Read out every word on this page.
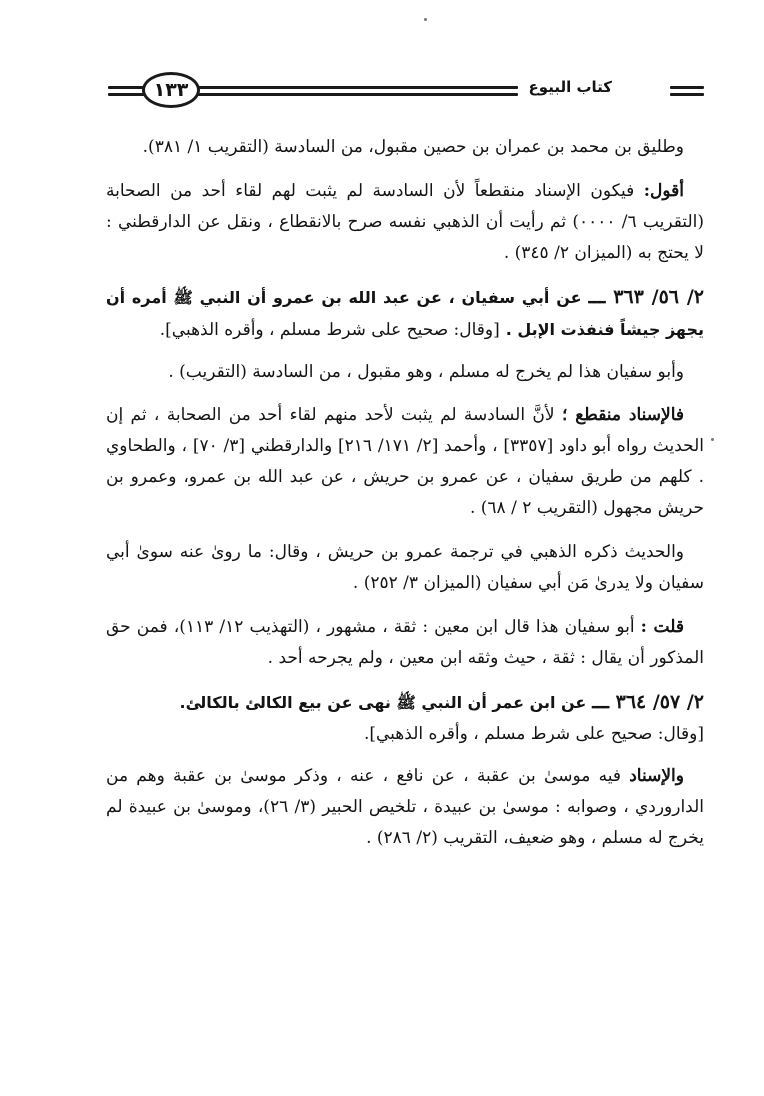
كتاب البيوع
١٣٣

وطليق بن محمد بن عمران بن حصين مقبول، من السادسة (التقريب ١/ ٣٨١).

أقول: فيكون الإسناد منقطعاً لأن السادسة لم يثبت لهم لقاء أحد من الصحابة (التقريب ٦/ ٠٠٠٠) ثم رأيت أن الذهبي نفسه صرح بالانقطاع ، ونقل عن الدارقطني : لا يحتج به (الميزان ٢/ ٣٤٥) .

٢/ ٥٦/ ٣٦٣ ـــ عن أبي سفيان ، عن عبد الله بن عمرو أن النبي ﷺ أمره أن يجهز جيشاً فنفذت الإبل . [وقال: صحيح على شرط مسلم ، وأقره الذهبي].

وأبو سفيان هذا لم يخرج له مسلم ، وهو مقبول ، من السادسة (التقريب) .

فالإسناد منقطع ؛ لأنَّ السادسة لم يثبت لأحد منهم لقاء أحد من الصحابة ، ثم إن الحديث رواه أبو داود [٣٣٥٧] ، وأحمد [٢/ ١٧١/ ٢١٦] والدارقطني [٣/ ٧٠] ، والطحاوي . كلهم من طريق سفيان ، عن عمرو بن حريش ، عن عبد الله بن عمرو، وعمرو بن حريش مجهول (التقريب ٢ / ٦٨) .

والحديث ذكره الذهبي في ترجمة عمرو بن حريش ، وقال: ما روىٰ عنه سوىٰ أبي سفيان ولا يدرىٰ مَن أبي سفيان (الميزان ٣/ ٢٥٢) .

قلت : أبو سفيان هذا قال ابن معين : ثقة ، مشهور ، (التهذيب ١٢/ ١١٣)، فمن حق المذكور أن يقال : ثقة ، حيث وثقه ابن معين ، ولم يجرحه أحد .

٢/ ٥٧/ ٣٦٤ ـــ عن ابن عمر أن النبي ﷺ نهى عن بيع الكالئ بالكالئ.
[وقال: صحيح على شرط مسلم ، وأقره الذهبي].

والإسناد فيه موسىٰ بن عقبة ، عن نافع ، عنه ، وذكر موسىٰ بن عقبة وهم من الداروردي ، وصوابه : موسىٰ بن عبيدة ، تلخيص الحبير (٣/ ٢٦)، وموسىٰ بن عبيدة لم يخرج له مسلم ، وهو ضعيف، التقريب (٢/ ٢٨٦) .
